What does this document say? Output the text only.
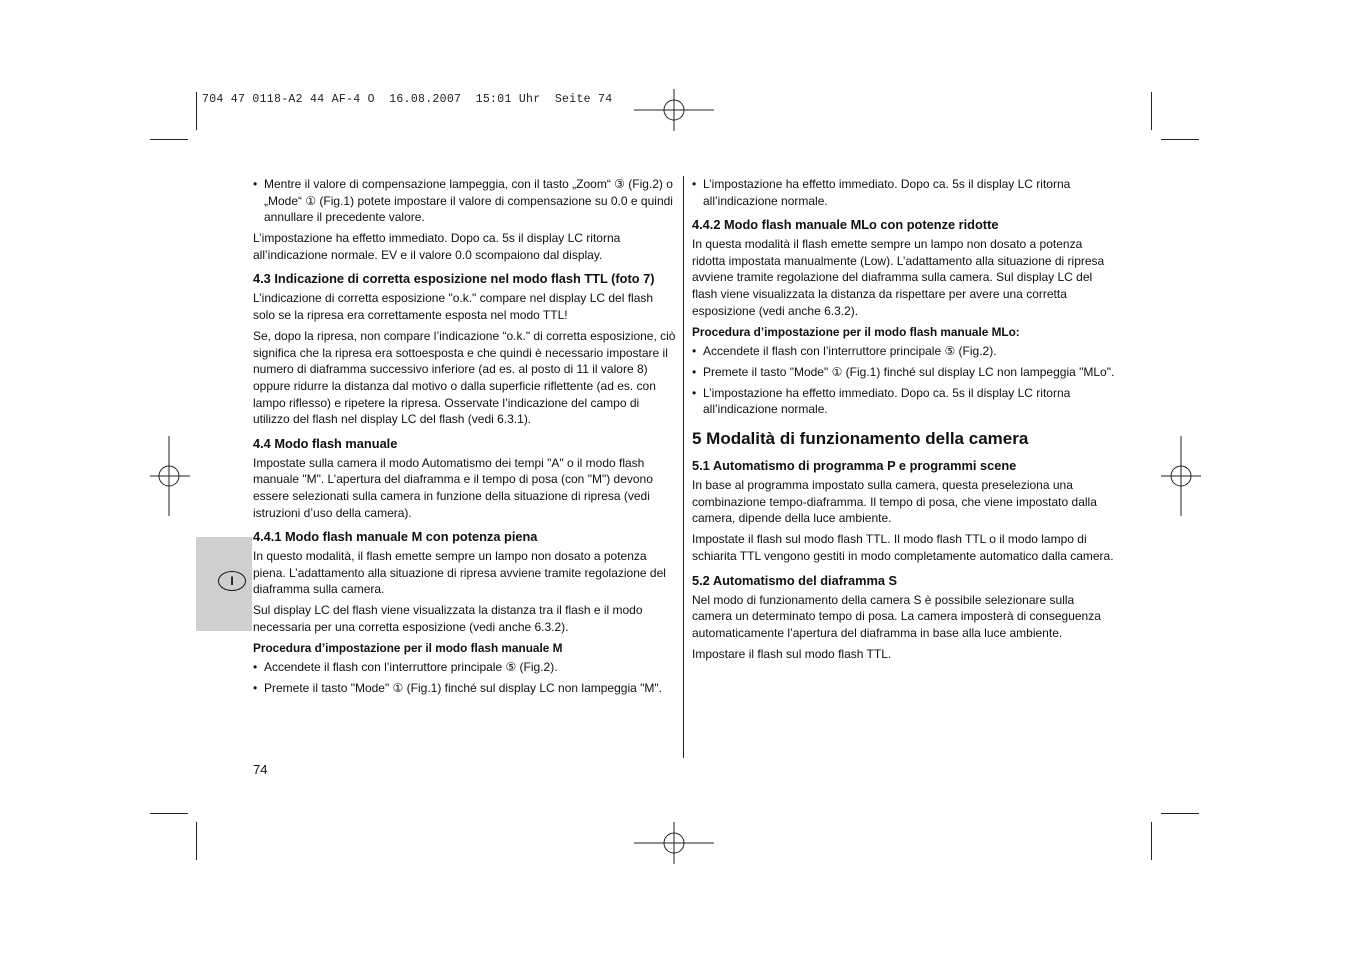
704 47 0118-A2 44 AF-4 O  16.08.2007  15:01 Uhr  Seite 74
I

• Mentre il valore di compensazione lampeggia, con il tasto „Zoom“ ③ (Fig.2) o „Mode“ ① (Fig.1) potete impostare il valore di compensazione su 0.0 e quindi annullare il precedente valore.

L’impostazione ha effetto immediato. Dopo ca. 5s il display LC ritorna all’indicazione normale. EV e il valore 0.0 scompaiono dal display.

4.3 Indicazione di corretta esposizione nel modo flash TTL (foto 7)

L’indicazione di corretta esposizione "o.k." compare nel display LC del flash solo se la ripresa era correttamente esposta nel modo TTL!

Se, dopo la ripresa, non compare l’indicazione “o.k." di corretta esposizione, ciò significa che la ripresa era sottoesposta e che quindi è necessario impostare il numero di diaframma successivo inferiore (ad es. al posto di 11 il valore 8) oppure ridurre la distanza dal motivo o dalla superficie riflettente (ad es. con lampo riflesso) e ripetere la ripresa. Osservate l’indicazione del campo di utilizzo del flash nel display LC del flash (vedi 6.3.1).

4.4 Modo flash manuale

Impostate sulla camera il modo Automatismo dei tempi "A" o il modo flash manuale "M". L’apertura del diaframma e il tempo di posa (con "M") devono essere selezionati sulla camera in funzione della situazione di ripresa (vedi istruzioni d’uso della camera).

4.4.1 Modo flash manuale M con potenza piena

In questo modalità, il flash emette sempre un lampo non dosato a potenza piena. L’adattamento alla situazione di ripresa avviene tramite regolazione del diaframma sulla camera.

Sul display LC del flash viene visualizzata la distanza tra il flash e il modo necessaria per una corretta esposizione (vedi anche 6.3.2).

Procedura d’impostazione per il modo flash manuale M

• Accendete il flash con l’interruttore principale ⑤ (Fig.2).

• Premete il tasto "Mode" ① (Fig.1) finché sul display LC non lampeggia "M".

• L’impostazione ha effetto immediato. Dopo ca. 5s il display LC ritorna all’indicazione normale.

4.4.2 Modo flash manuale MLo con potenze ridotte

In questa modalità il flash emette sempre un lampo non dosato a potenza ridotta impostata manualmente (Low). L’adattamento alla situazione di ripresa avviene tramite regolazione del diaframma sulla camera. Sul display LC del flash viene visualizzata la distanza da rispettare per avere una corretta esposizione (vedi anche 6.3.2).

Procedura d’impostazione per il modo flash manuale MLo:

• Accendete il flash con l’interruttore principale ⑤ (Fig.2).

• Premete il tasto "Mode" ① (Fig.1) finché sul display LC non lampeggia "MLo".

• L’impostazione ha effetto immediato. Dopo ca. 5s il display LC ritorna all’indicazione normale.

5 Modalità di funzionamento della camera
5.1 Automatismo di programma P e programmi scene

In base al programma impostato sulla camera, questa preseleziona una combinazione tempo-diaframma. Il tempo di posa, che viene impostato dalla camera, dipende della luce ambiente.

Impostate il flash sul modo flash TTL. Il modo flash TTL o il modo lampo di schiarita TTL vengono gestiti in modo completamente automatico dalla camera.

5.2 Automatismo del diaframma S

Nel modo di funzionamento della camera S è possibile selezionare sulla camera un determinato tempo di posa. La camera imposterà di conseguenza automaticamente l’apertura del diaframma in base alla luce ambiente.

Impostare il flash sul modo flash TTL.

74
